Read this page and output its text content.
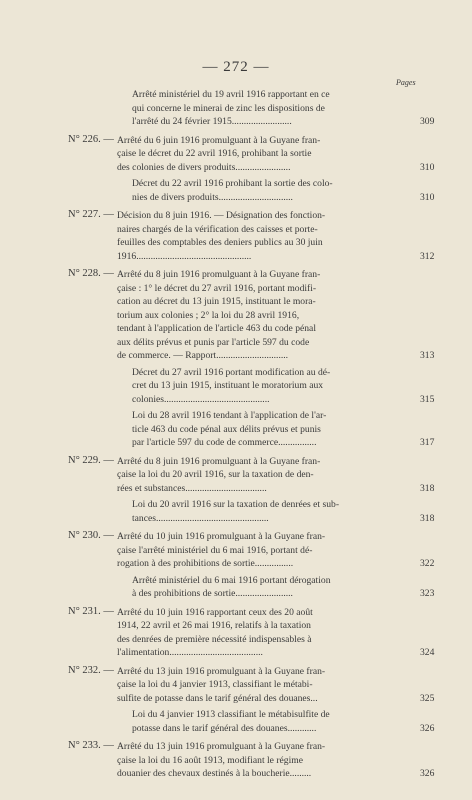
— 272 —
Pages
Arrêté ministériel du 19 avril 1916 rapportant en ce
qui concerne le minerai de zinc les dispositions de
l'arrêté du 24 février 1915.........................	309
N° 226. — Arrêté du 6 juin 1916 promulguant à la Guyane fran-
çaise le décret du 22 avril 1916, prohibant la sortie
des colonies de divers produits.......................	310
Décret du 22 avril 1916 prohibant la sortie des colo-
nies de divers produits...............................	310
N° 227. — Décision du 8 juin 1916. — Désignation des fonction-
naires chargés de la vérification des caisses et porte-
feuilles des comptables des deniers publics au 30 juin
1916................................................	312
N° 228. — Arrêté du 8 juin 1916 promulguant à la Guyane fran-
çaise : 1° le décret du 27 avril 1916, portant modifi-
cation au décret du 13 juin 1915, instituant le mora-
torium aux colonies ; 2° la loi du 28 avril 1916,
tendant à l'application de l'article 463 du code pénal
aux délits prévus et punis par l'article 597 du code
de commerce. — Rapport..............................	313
Décret du 27 avril 1916 portant modification au dé-
cret du 13 juin 1915, instituant le moratorium aux
colonies............................................	315
Loi du 28 avril 1916 tendant à l'application de l'ar-
ticle 463 du code pénal aux délits prévus et punis
par l'article 597 du code de commerce................	317
N° 229. — Arrêté du 8 juin 1916 promulguant à la Guyane fran-
çaise la loi du 20 avril 1916, sur la taxation de den-
rées et substances..................................	318
Loi du 20 avril 1916 sur la taxation de denrées et sub-
tances...............................................	318
N° 230. — Arrêté du 10 juin 1916 promulguant à la Guyane fran-
çaise l'arrêté ministériel du 6 mai 1916, portant dé-
rogation à des prohibitions de sortie................	322
Arrêté ministériel du 6 mai 1916 portant dérogation
à des prohibitions de sortie........................	323
N° 231. — Arrêté du 10 juin 1916 rapportant ceux des 20 août
1914, 22 avril et 26 mai 1916, relatifs à la taxation
des denrées de première nécessité indispensables à
l'alimentation.......................................	324
N° 232. — Arrêté du 13 juin 1916 promulguant à la Guyane fran-
çaise la loi du 4 janvier 1913, classifiant le métabi-
sulfite de potasse dans le tarif général des douanes...	325
Loi du 4 janvier 1913 classifiant le métabisulfite de
potasse dans le tarif général des douanes............	326
N° 233. — Arrêté du 13 juin 1916 promulguant à la Guyane fran-
çaise la loi du 16 août 1913, modifiant le régime
douanier des chevaux destinés à la boucherie.........	326
